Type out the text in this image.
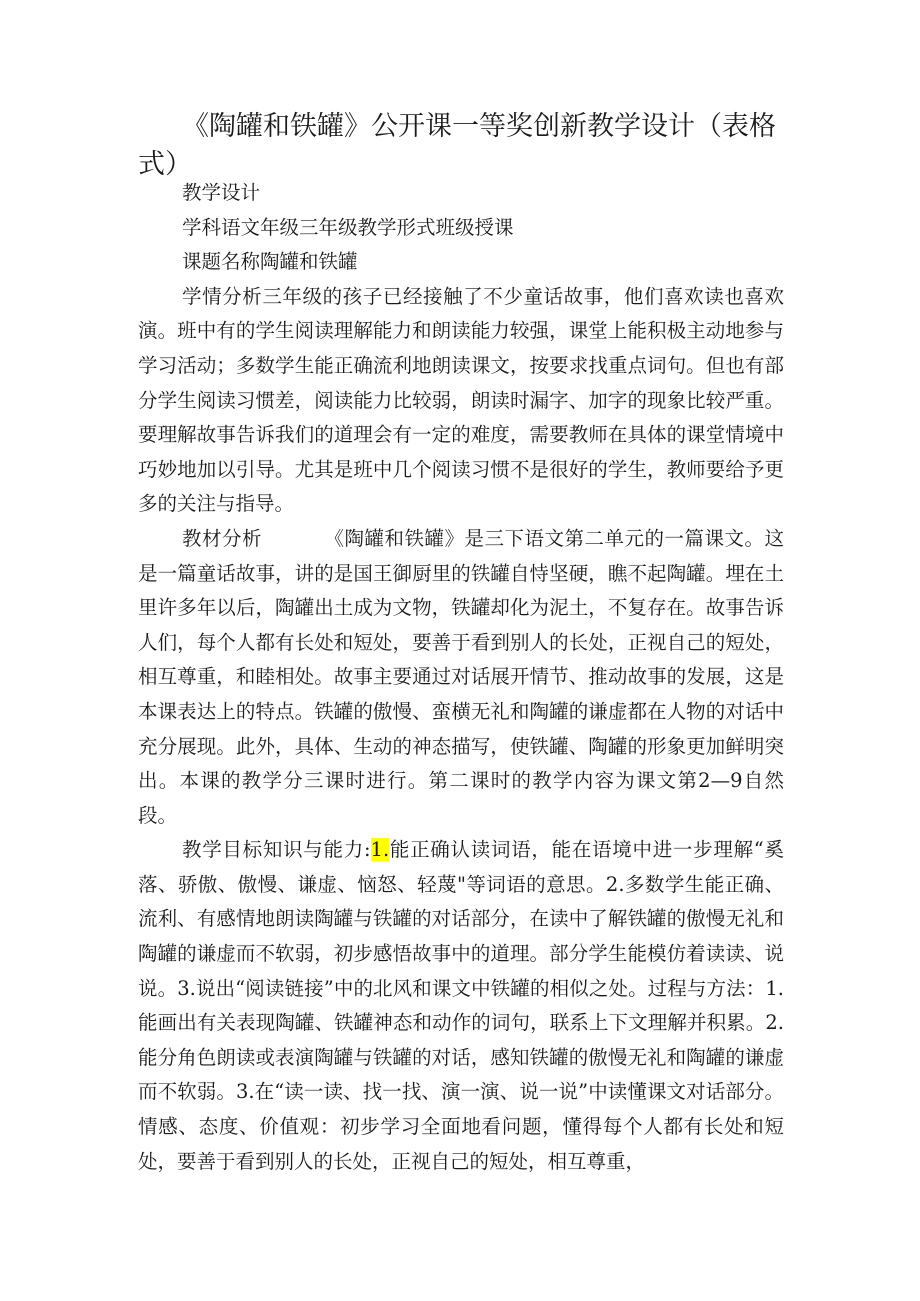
《陶罐和铁罐》公开课一等奖创新教学设计（表格式）

教学设计

学科语文年级三年级教学形式班级授课

课题名称陶罐和铁罐

学情分析三年级的孩子已经接触了不少童话故事，他们喜欢读也喜欢演。班中有的学生阅读理解能力和朗读能力较强，课堂上能积极主动地参与学习活动；多数学生能正确流利地朗读课文，按要求找重点词句。但也有部分学生阅读习惯差，阅读能力比较弱，朗读时漏字、加字的现象比较严重。要理解故事告诉我们的道理会有一定的难度，需要教师在具体的课堂情境中巧妙地加以引导。尤其是班中几个阅读习惯不是很好的学生，教师要给予更多的关注与指导。

教材分析	《陶罐和铁罐》是三下语文第二单元的一篇课文。这是一篇童话故事，讲的是国王御厨里的铁罐自恃坚硬，瞧不起陶罐。埋在土里许多年以后，陶罐出土成为文物，铁罐却化为泥土，不复存在。故事告诉人们，每个人都有长处和短处，要善于看到别人的长处，正视自己的短处，相互尊重，和睦相处。故事主要通过对话展开情节、推动故事的发展，这是本课表达上的特点。铁罐的傲慢、蛮横无礼和陶罐的谦虚都在人物的对话中充分展现。此外，具体、生动的神态描写，使铁罐、陶罐的形象更加鲜明突出。本课的教学分三课时进行。第二课时的教学内容为课文第2—9自然段。

教学目标知识与能力:1.能正确认读词语，能在语境中进一步理解“奚落、骄傲、傲慢、谦虚、恼怒、轻蔑"等词语的意思。2.多数学生能正确、流利、有感情地朗读陶罐与铁罐的对话部分，在读中了解铁罐的傲慢无礼和陶罐的谦虚而不软弱，初步感悟故事中的道理。部分学生能模仿着读读、说说。3.说出“阅读链接”中的北风和课文中铁罐的相似之处。过程与方法：1.能画出有关表现陶罐、铁罐神态和动作的词句，联系上下文理解并积累。2.能分角色朗读或表演陶罐与铁罐的对话，感知铁罐的傲慢无礼和陶罐的谦虚而不软弱。3.在“读一读、找一找、演一演、说一说”中读懂课文对话部分。情感、态度、价值观：初步学习全面地看问题，懂得每个人都有长处和短处，要善于看到别人的长处，正视自己的短处，相互尊重，
